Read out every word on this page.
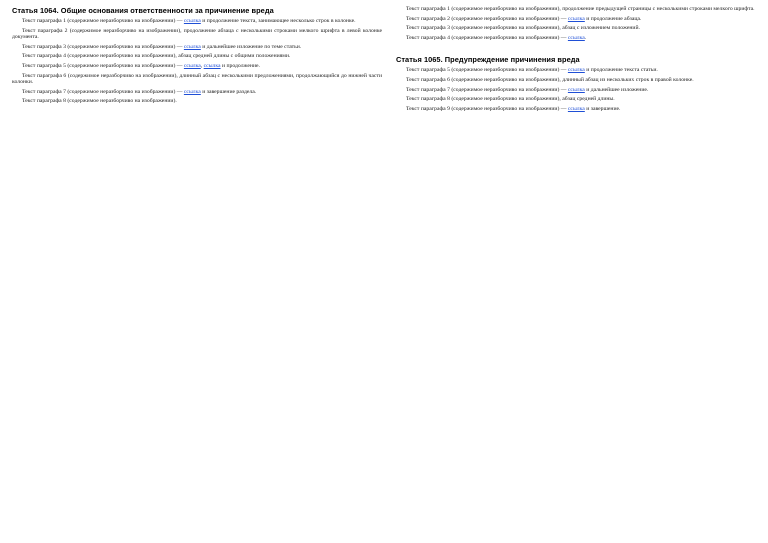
Статья 1064. Общие основания ответственности за причинение вреда

Текст параграфа 1 (содержимое неразборчиво на изображении) — ссылка и продолжение текста, занимающее несколько строк в колонке.

Текст параграфа 2 (содержимое неразборчиво на изображении), продолжение абзаца с несколькими строками мелкого шрифта в левой колонке документа.

Текст параграфа 3 (содержимое неразборчиво на изображении) — ссылка и дальнейшее изложение по теме статьи.

Текст параграфа 4 (содержимое неразборчиво на изображении), абзац средней длины с общими положениями.

Текст параграфа 5 (содержимое неразборчиво на изображении) — ссылка, ссылка и продолжение.

Текст параграфа 6 (содержимое неразборчиво на изображении), длинный абзац с несколькими предложениями, продолжающийся до нижней части колонки.

Текст параграфа 7 (содержимое неразборчиво на изображении) — ссылка и завершение раздела.

Текст параграфа 8 (содержимое неразборчиво на изображении).

Текст параграфа 1 (содержимое неразборчиво на изображении), продолжение предыдущей страницы с несколькими строками мелкого шрифта.

Текст параграфа 2 (содержимое неразборчиво на изображении) — ссылка и продолжение абзаца.

Текст параграфа 3 (содержимое неразборчиво на изображении), абзац с изложением положений.

Текст параграфа 4 (содержимое неразборчиво на изображении) — ссылка.

Статья 1065. Предупреждение причинения вреда

Текст параграфа 5 (содержимое неразборчиво на изображении) — ссылка и продолжение текста статьи.

Текст параграфа 6 (содержимое неразборчиво на изображении), длинный абзац из нескольких строк в правой колонке.

Текст параграфа 7 (содержимое неразборчиво на изображении) — ссылка и дальнейшее изложение.

Текст параграфа 8 (содержимое неразборчиво на изображении), абзац средней длины.

Текст параграфа 9 (содержимое неразборчиво на изображении) — ссылка и завершение.
